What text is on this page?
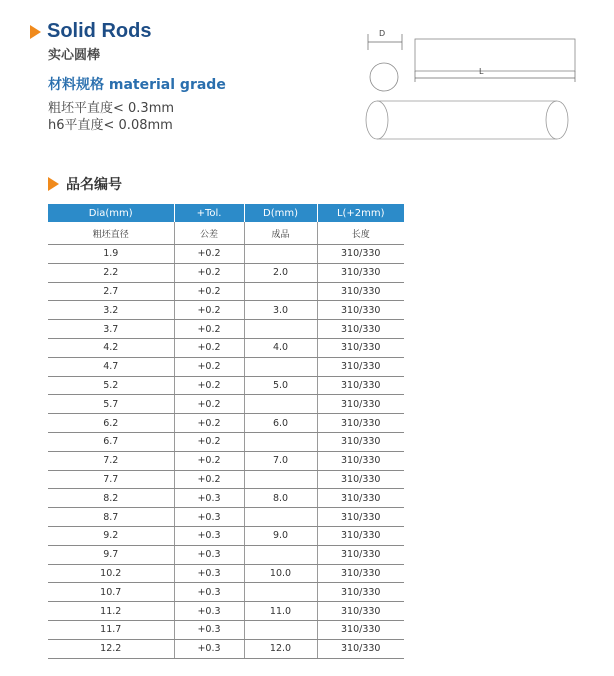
Solid Rods
实心圆棒
材料规格 material grade
粗坯平直度< 0.3mm
h6平直度< 0.08mm
D
L
品名编号
Dia(mm)	+Tol.	D(mm)	L(+2mm)
粗坯直径	公差	成品	长度
1.9	+0.2		310/330
2.2	+0.2	2.0	310/330
2.7	+0.2		310/330
3.2	+0.2	3.0	310/330
3.7	+0.2		310/330
4.2	+0.2	4.0	310/330
4.7	+0.2		310/330
5.2	+0.2	5.0	310/330
5.7	+0.2		310/330
6.2	+0.2	6.0	310/330
6.7	+0.2		310/330
7.2	+0.2	7.0	310/330
7.7	+0.2		310/330
8.2	+0.3	8.0	310/330
8.7	+0.3		310/330
9.2	+0.3	9.0	310/330
9.7	+0.3		310/330
10.2	+0.3	10.0	310/330
10.7	+0.3		310/330
11.2	+0.3	11.0	310/330
11.7	+0.3		310/330
12.2	+0.3	12.0	310/330
